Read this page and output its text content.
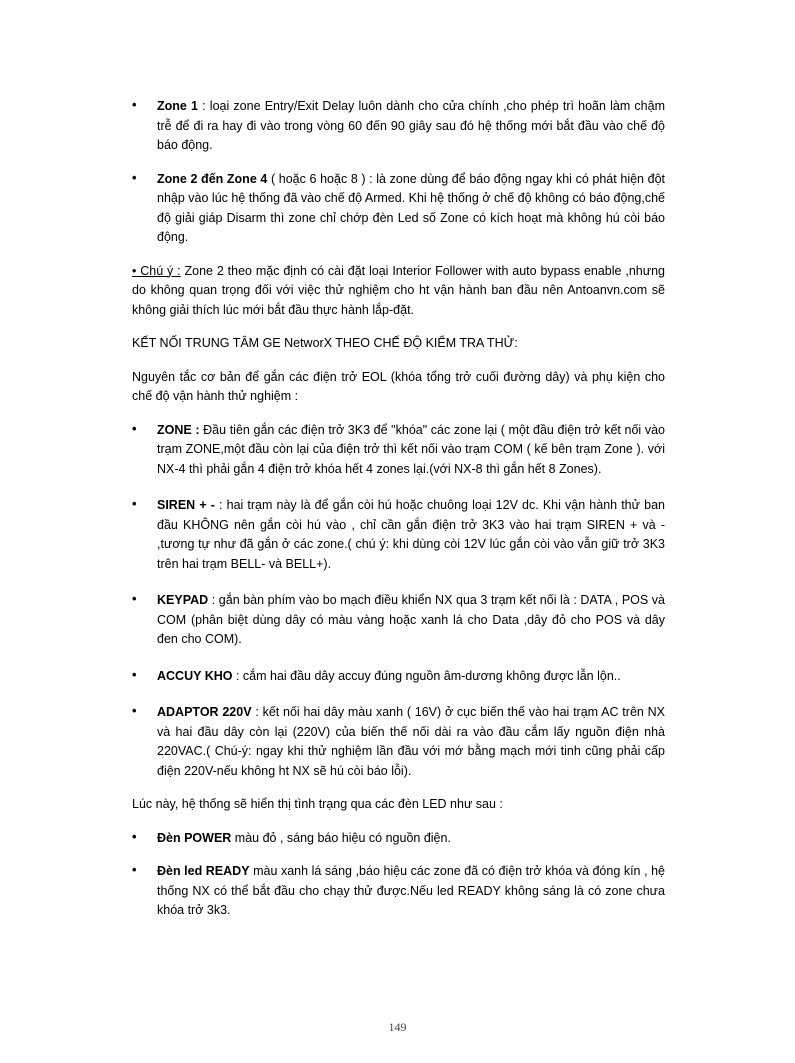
• Zone 1 : loại zone Entry/Exit Delay luôn dành cho cửa chính ,cho phép trì hoãn làm chậm trễ để đi ra hay đi vào trong vòng 60 đến 90 giây sau đó hệ thống mới bắt đầu vào chế độ báo động.

• Zone 2 đến Zone 4 ( hoặc 6 hoặc 8 ) : là zone dùng để báo động ngay khi có phát hiện đột nhập vào lúc hệ thống đã vào chế độ Armed. Khi hệ thống ở chế độ không có báo động,chế độ giải giáp Disarm thì zone chỉ chớp đèn Led số Zone có kích hoạt mà không hú còi báo động.

• Chú ý : Zone 2 theo mặc định có cài đặt loại Interior Follower with auto bypass enable ,nhưng do không quan trọng đối với việc thử nghiệm cho ht vận hành ban đầu nên Antoanvn.com sẽ không giải thích lúc mới bắt đầu thực hành lắp-đặt.

KẾT NỐI TRUNG TÂM GE NetworX THEO CHẾ ĐỘ KIỂM TRA THỬ:

Nguyên tắc cơ bản để gắn các điện trở EOL (khóa tổng trở cuối đường dây) và phụ kiện cho chế độ vận hành thử nghiệm :

• ZONE : Đầu tiên gắn các điện trở 3K3 để "khóa" các zone lại ( một đầu điện trở kết nối vào trạm ZONE,một đầu còn lại của điện trở thì kết nối vào trạm COM ( kế bên trạm Zone ). với NX-4 thì phải gắn 4 điện trở khóa hết 4 zones lại.(với NX-8 thì gắn hết 8 Zones).

• SIREN + - : hai trạm này là để gắn còi hú hoặc chuông loại 12V dc. Khi vận hành thử ban đầu KHÔNG nên gắn còi hú vào , chỉ cần gắn điện trở 3K3 vào hai trạm SIREN + và - ,tương tự như đã gắn ở các zone.( chú ý: khi dùng còi 12V lúc gắn còi vào vẫn giữ trở 3K3 trên hai trạm BELL- và BELL+).

• KEYPAD : gắn bàn phím vào bo mạch điều khiển NX qua 3 trạm kết nối là : DATA , POS và COM (phân biệt dùng dây có màu vàng hoặc xanh lá cho Data ,dây đỏ cho POS và dây đen cho COM).

• ACCUY KHO : cắm hai đầu dây accuy đúng nguồn âm-dương không được lẫn lộn..

• ADAPTOR 220V : kết nối hai dây màu xanh ( 16V) ở cục biến thế vào hai trạm AC trên NX và hai đầu dây còn lại (220V) của biến thế nối dài ra vào đầu cắm lấy nguồn điện nhà 220VAC.( Chú-ý: ngay khi thử nghiệm lần đầu với mớ bằng mạch mới tinh cũng phải cấp điện 220V-nếu không ht NX sẽ hú còi báo lỗi).

Lúc này, hệ thống sẽ hiển thị tình trạng qua các đèn LED như sau :

• Đèn POWER màu đỏ , sáng báo hiệu có nguồn điện.

• Đèn led READY màu xanh lá sáng ,báo hiệu các zone đã có điện trở khóa và đóng kín , hệ thống NX có thể bắt đầu cho chạy thử được.Nếu led READY không sáng là có zone chưa khóa trở 3k3.

149
